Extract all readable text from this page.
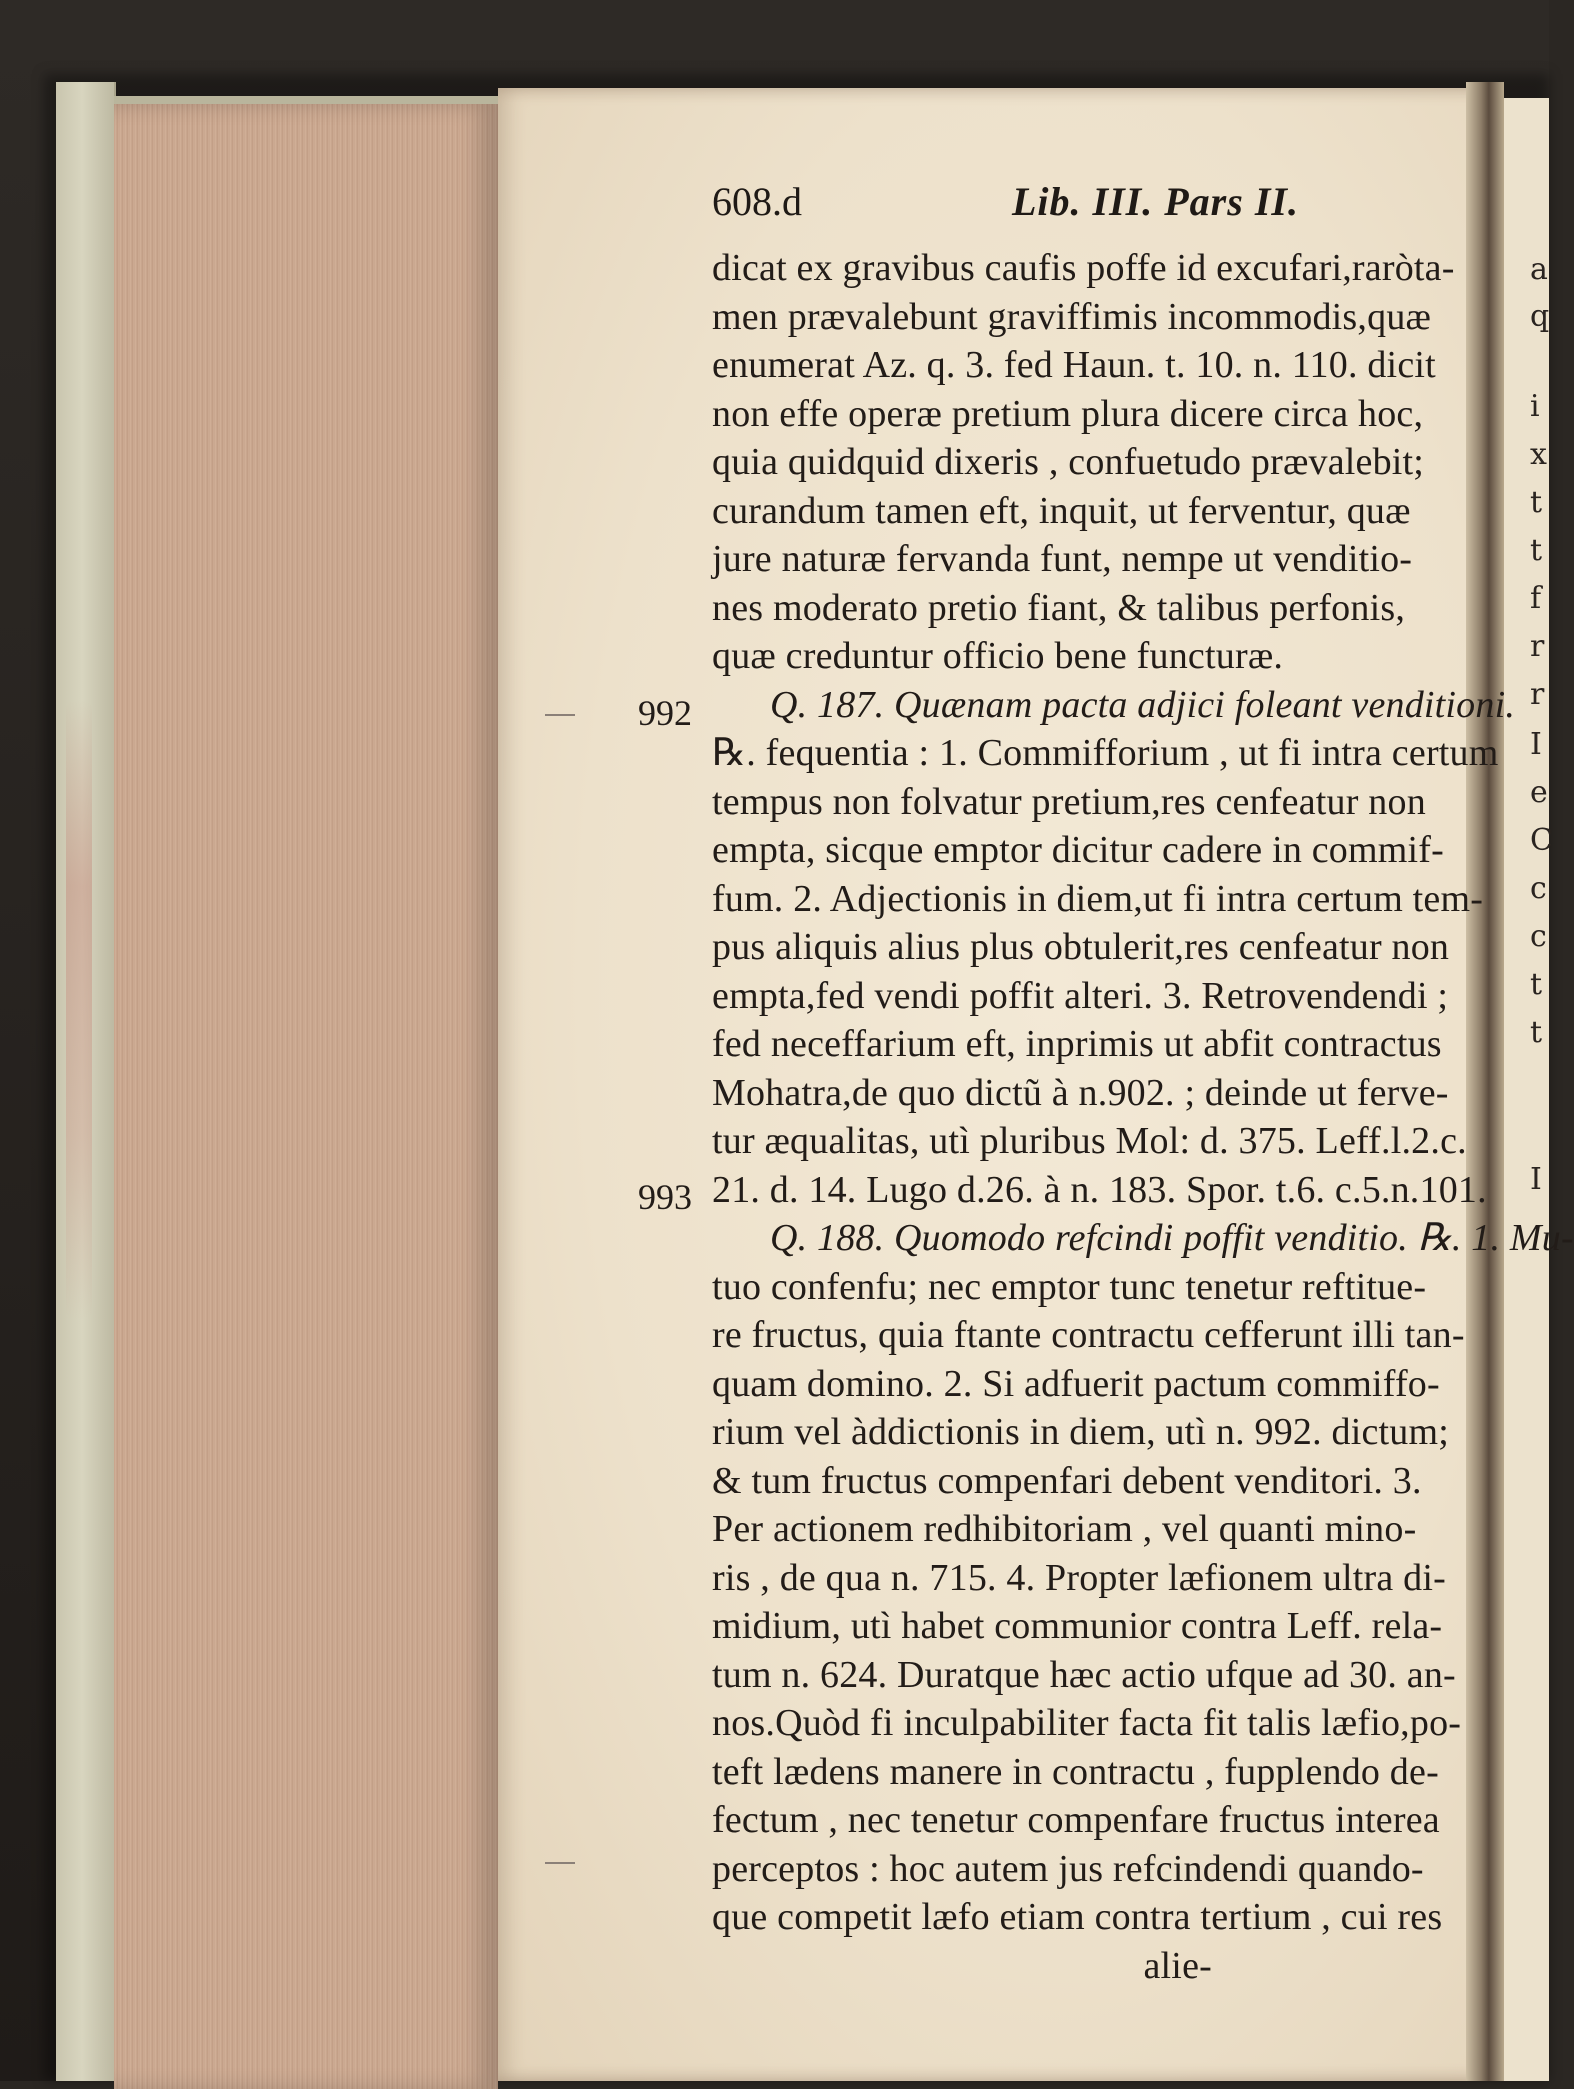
a
q
i
x
t
t
f
r
r
I
e
C
c
c
t
t
I
608.d	Lib. III. Pars II.
992
993
dicat ex gravibus caufis poffe id excufari,raròta-
men prævalebunt graviffimis incommodis,quæ
enumerat Az. q. 3. fed Haun. t. 10. n. 110. dicit
non effe operæ pretium plura dicere circa hoc,
quia quidquid dixeris , confuetudo prævalebit;
curandum tamen eft, inquit, ut ferventur, quæ
jure naturæ fervanda funt, nempe ut venditio-
nes moderato pretio fiant, & talibus perfonis,
quæ creduntur officio bene functuræ.
Q. 187. Quænam pacta adjici foleant venditioni.
℞. fequentia : 1. Commifforium , ut fi intra certum
tempus non folvatur pretium,res cenfeatur non
empta, sicque emptor dicitur cadere in commif-
fum. 2. Adjectionis in diem,ut fi intra certum tem-
pus aliquis alius plus obtulerit,res cenfeatur non
empta,fed vendi poffit alteri. 3. Retrovendendi ;
fed neceffarium eft, inprimis ut abfit contractus
Mohatra,de quo dictũ à n.902. ; deinde ut ferve-
tur æqualitas, utì pluribus Mol: d. 375. Leff.l.2.c.
21. d. 14. Lugo d.26. à n. 183. Spor. t.6. c.5.n.101.
Q. 188. Quomodo refcindi poffit venditio. ℞. 1. Mu-
tuo confenfu; nec emptor tunc tenetur reftitue-
re fructus, quia ftante contractu cefferunt illi tan-
quam domino. 2. Si adfuerit pactum commiffo-
rium vel àddictionis in diem, utì n. 992. dictum;
& tum fructus compenfari debent venditori. 3.
Per actionem redhibitoriam , vel quanti mino-
ris , de qua n. 715. 4. Propter læfionem ultra di-
midium, utì habet communior contra Leff. rela-
tum n. 624. Duratque hæc actio ufque ad 30. an-
nos.Quòd fi inculpabiliter facta fit talis læfio,po-
teft lædens manere in contractu , fupplendo de-
fectum , nec tenetur compenfare fructus interea
perceptos : hoc autem jus refcindendi quando-
que competit læfo etiam contra tertium , cui res
alie-
